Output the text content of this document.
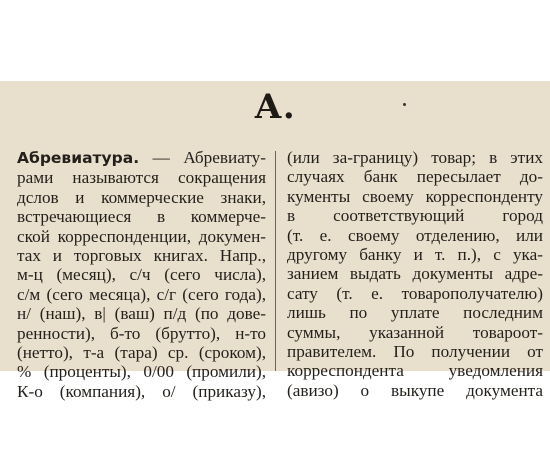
А.
Абревиатура. — Абревиату-
рами называются сокращения
дслов и коммерческие знаки,
встречающиеся в коммерче-
ской корреспонденции, докумен-
тах и торговых книгах. Напр.,
м-ц (месяц), с/ч (сего числа),
с/м (сего месяца), с/г (сего года),
н/ (наш), в| (ваш) п/д (по дове-
ренности), б-то (брутто), н-то
(нетто), т-а (тара) ср. (сроком),
% (проценты), 0/00 (промили),
К-о (компания), о/ (приказу),
(или за-границу) товар; в этих
случаях банк пересылает до-
кументы своему корреспонденту
в соответствующий город
(т. е. своему отделению, или
другому банку и т. п.), с ука-
занием выдать документы адре-
сату (т. е. товарополучателю)
лишь по уплате последним
суммы, указанной товароот-
правителем. По получении от
корреспондента уведомления
(авизо) о выкупе документа
